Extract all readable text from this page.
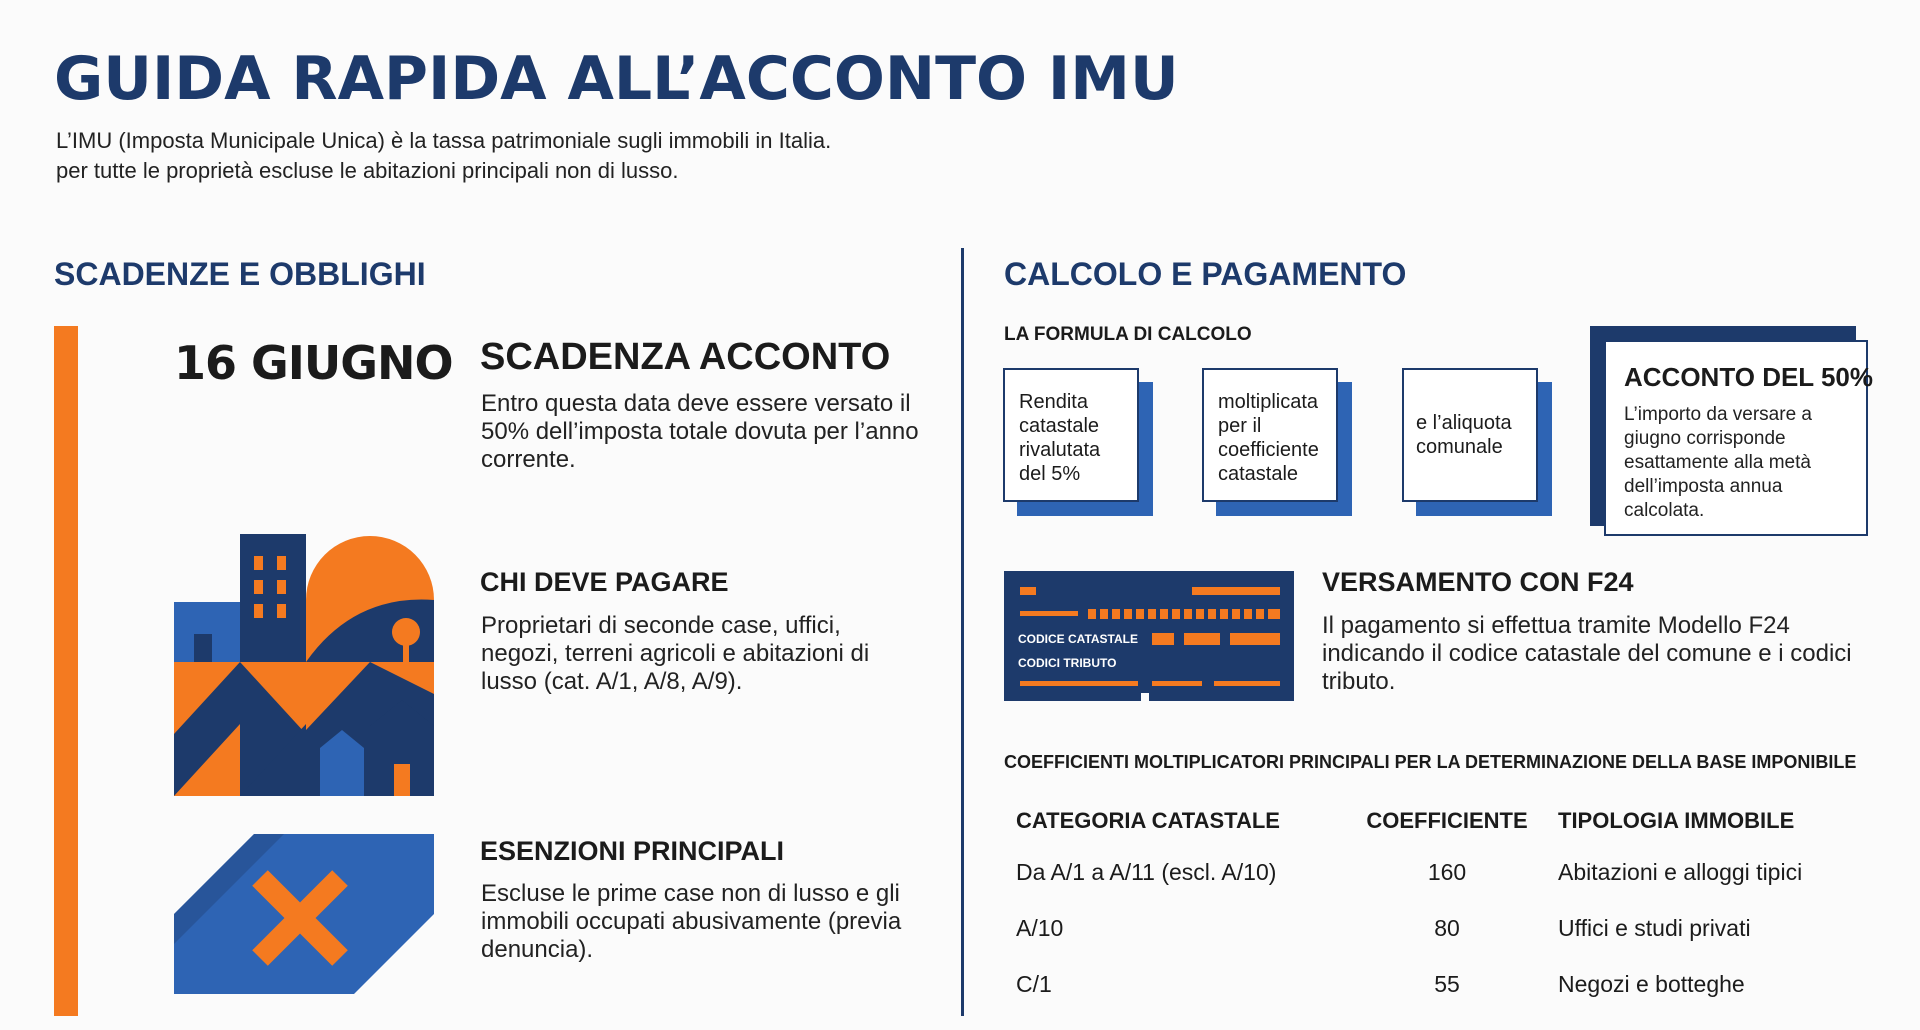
GUIDA RAPIDA ALL’ACCONTO IMU
L’IMU (Imposta Municipale Unica) è la tassa patrimoniale sugli immobili in Italia.
per tutte le proprietà escluse le abitazioni principali non di lusso.
SCADENZE E OBBLIGHI	CALCOLO E PAGAMENTO
16 GIUGNO SCADENZA ACCONTO
Entro questa data deve essere versato il 50% dell’imposta totale dovuta per l’anno corrente.
CHI DEVE PAGARE
Proprietari di seconde case, uffici, negozi, terreni agricoli e abitazioni di lusso (cat. A/1, A/8, A/9).
ESENZIONI PRINCIPALI
Escluse le prime case non di lusso e gli immobili occupati abusivamente (previa denuncia).
LA FORMULA DI CALCOLO
Rendita catastale rivalutata del 5%
moltiplicata per il coefficiente catastale
e l’aliquota comunale
ACCONTO DEL 50%
L’importo da versare a giugno corrisponde esattamente alla metà dell’imposta annua calcolata.
CODICE CATASTALE
CODICI TRIBUTO
VERSAMENTO CON F24
Il pagamento si effettua tramite Modello F24 indicando il codice catastale del comune e i codici tributo.
COEFFICIENTI MOLTIPLICATORI PRINCIPALI PER LA DETERMINAZIONE DELLA BASE IMPONIBILE
CATEGORIA CATASTALE	COEFFICIENTE	TIPOLOGIA IMMOBILE
Da A/1 a A/11 (escl. A/10)	160	Abitazioni e alloggi tipici
A/10	80	Uffici e studi privati
C/1	55	Negozi e botteghe
